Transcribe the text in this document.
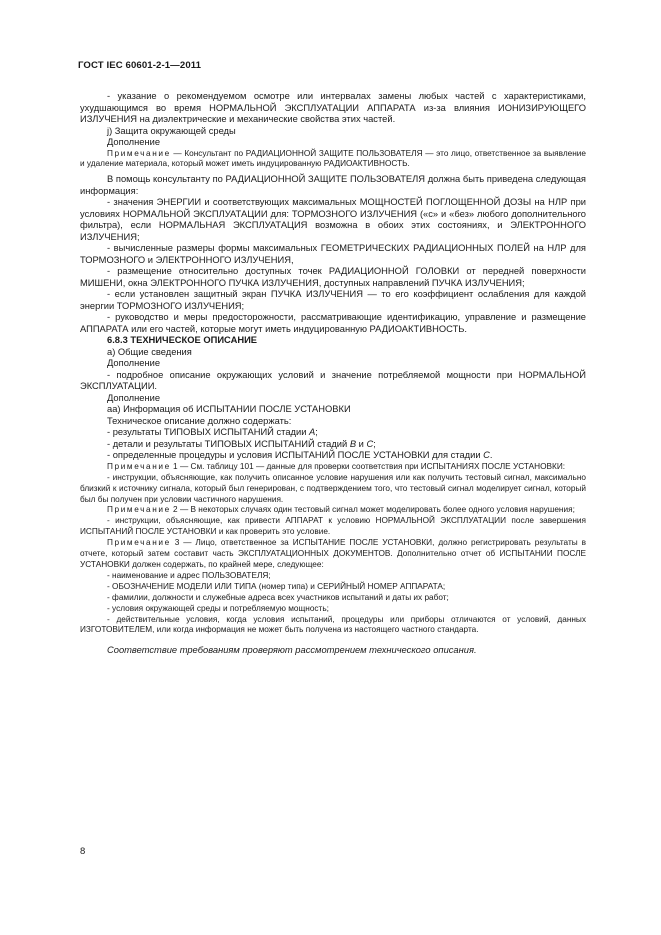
ГОСТ IEC 60601-2-1—2011

- указание о рекомендуемом осмотре или интервалах замены любых частей с характеристиками, ухудшающимся во время НОРМАЛЬНОЙ ЭКСПЛУАТАЦИИ АППАРАТА из-за влияния ИОНИЗИРУЮЩЕГО ИЗЛУЧЕНИЯ на диэлектрические и механические свойства этих частей.

j) Защита окружающей среды

Дополнение

Примечание — Консультант по РАДИАЦИОННОЙ ЗАЩИТЕ ПОЛЬЗОВАТЕЛЯ — это лицо, ответственное за выявление и удаление материала, который может иметь индуцированную РАДИОАКТИВНОСТЬ.

В помощь консультанту по РАДИАЦИОННОЙ ЗАЩИТЕ ПОЛЬЗОВАТЕЛЯ должна быть приведена следующая информация:

- значения ЭНЕРГИИ и соответствующих максимальных МОЩНОСТЕЙ ПОГЛОЩЕННОЙ ДОЗЫ на НЛР при условиях НОРМАЛЬНОЙ ЭКСПЛУАТАЦИИ для: ТОРМОЗНОГО ИЗЛУЧЕНИЯ («с» и «без» любого дополнительного фильтра), если НОРМАЛЬНАЯ ЭКСПЛУАТАЦИЯ возможна в обоих этих состояниях, и ЭЛЕКТРОННОГО ИЗЛУЧЕНИЯ;

- вычисленные размеры формы максимальных ГЕОМЕТРИЧЕСКИХ РАДИАЦИОННЫХ ПОЛЕЙ на НЛР для ТОРМОЗНОГО и ЭЛЕКТРОННОГО ИЗЛУЧЕНИЯ,

- размещение относительно доступных точек РАДИАЦИОННОЙ ГОЛОВКИ от передней поверхности МИШЕНИ, окна ЭЛЕКТРОННОГО ПУЧКА ИЗЛУЧЕНИЯ, доступных направлений ПУЧКА ИЗЛУЧЕНИЯ;

- если установлен защитный экран ПУЧКА ИЗЛУЧЕНИЯ — то его коэффициент ослабления для каждой энергии ТОРМОЗНОГО ИЗЛУЧЕНИЯ;

- руководство и меры предосторожности, рассматривающие идентификацию, управление и размещение АППАРАТА или его частей, которые могут иметь индуцированную РАДИОАКТИВНОСТЬ.

6.8.3 ТЕХНИЧЕСКОЕ ОПИСАНИЕ

а) Общие сведения

Дополнение

- подробное описание окружающих условий и значение потребляемой мощности при НОРМАЛЬНОЙ ЭКСПЛУАТАЦИИ.

Дополнение

аа) Информация об ИСПЫТАНИИ ПОСЛЕ УСТАНОВКИ

Техническое описание должно содержать:

- результаты ТИПОВЫХ ИСПЫТАНИЙ стадии А;

- детали и результаты ТИПОВЫХ ИСПЫТАНИЙ стадий В и С;

- определенные процедуры и условия ИСПЫТАНИЙ ПОСЛЕ УСТАНОВКИ для стадии С.

Примечание 1 — См. таблицу 101 — данные для проверки соответствия при ИСПЫТАНИЯХ ПОСЛЕ УСТАНОВКИ:

- инструкции, объясняющие, как получить описанное условие нарушения или как получить тестовый сигнал, максимально близкий к источнику сигнала, который был генерирован, с подтверждением того, что тестовый сигнал моделирует сигнал, который был бы получен при условии частичного нарушения.

Примечание 2 — В некоторых случаях один тестовый сигнал может моделировать более одного условия нарушения;

- инструкции, объясняющие, как привести АППАРАТ к условию НОРМАЛЬНОЙ ЭКСПЛУАТАЦИИ после завершения ИСПЫТАНИЙ ПОСЛЕ УСТАНОВКИ и как проверить это условие.

Примечание 3 — Лицо, ответственное за ИСПЫТАНИЕ ПОСЛЕ УСТАНОВКИ, должно регистрировать результаты в отчете, который затем составит часть ЭКСПЛУАТАЦИОННЫХ ДОКУМЕНТОВ. Дополнительно отчет об ИСПЫТАНИИ ПОСЛЕ УСТАНОВКИ должен содержать, по крайней мере, следующее:

- наименование и адрес ПОЛЬЗОВАТЕЛЯ;

- ОБОЗНАЧЕНИЕ МОДЕЛИ ИЛИ ТИПА (номер типа) и СЕРИЙНЫЙ НОМЕР АППАРАТА;

- фамилии, должности и служебные адреса всех участников испытаний и даты их работ;

- условия окружающей среды и потребляемую мощность;

- действительные условия, когда условия испытаний, процедуры или приборы отличаются от условий, данных ИЗГОТОВИТЕЛЕМ, или когда информация не может быть получена из настоящего частного стандарта.

Соответствие требованиям проверяют рассмотрением технического описания.

8
